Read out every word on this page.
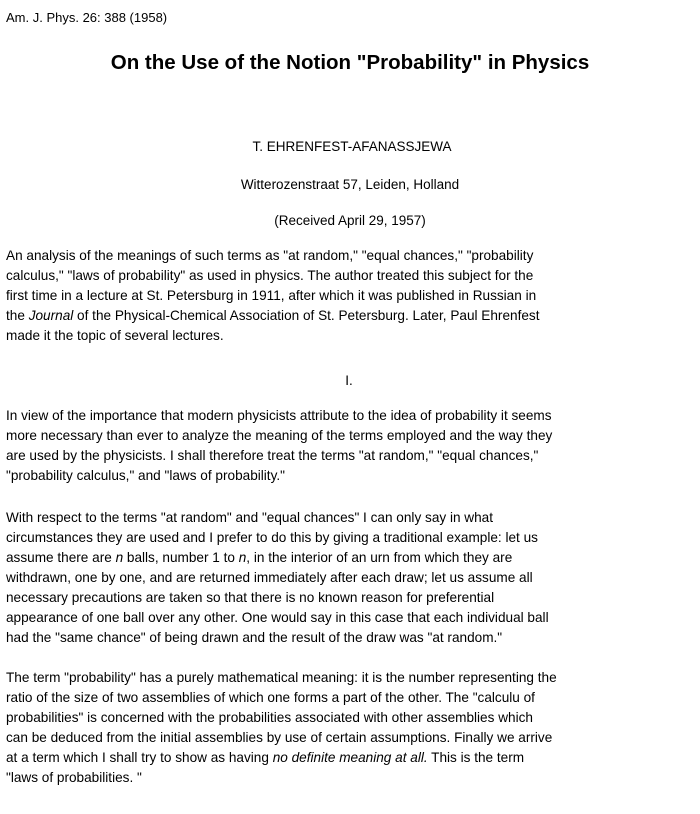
Am. J. Phys. 26: 388 (1958)
On the Use of the Notion "Probability" in Physics
T. EHRENFEST-AFANASSJEWA
Witterozenstraat 57, Leiden, Holland
(Received April 29, 1957)

An analysis of the meanings of such terms as "at random," "equal chances," "probability
calculus," "laws of probability" as used in physics. The author treated this subject for the
first time in a lecture at St. Petersburg in 1911, after which it was published in Russian in
the Journal of the Physical-Chemical Association of St. Petersburg. Later, Paul Ehrenfest
made it the topic of several lectures.

I.

In view of the importance that modern physicists attribute to the idea of probability it seems
more necessary than ever to analyze the meaning of the terms employed and the way they
are used by the physicists. I shall therefore treat the terms "at random," "equal chances,"
"probability calculus," and "laws of probability."

With respect to the terms "at random" and "equal chances" I can only say in what
circumstances they are used and I prefer to do this by giving a traditional example: let us
assume there are n balls, number 1 to n, in the interior of an urn from which they are
withdrawn, one by one, and are returned immediately after each draw; let us assume all
necessary precautions are taken so that there is no known reason for preferential
appearance of one ball over any other. One would say in this case that each individual ball
had the "same chance" of being drawn and the result of the draw was "at random."

The term "probability" has a purely mathematical meaning: it is the number representing the
ratio of the size of two assemblies of which one forms a part of the other. The "calculu of
probabilities" is concerned with the probabilities associated with other assemblies which
can be deduced from the initial assemblies by use of certain assumptions. Finally we arrive
at a term which I shall try to show as having no definite meaning at all. This is the term
"laws of probabilities. "
